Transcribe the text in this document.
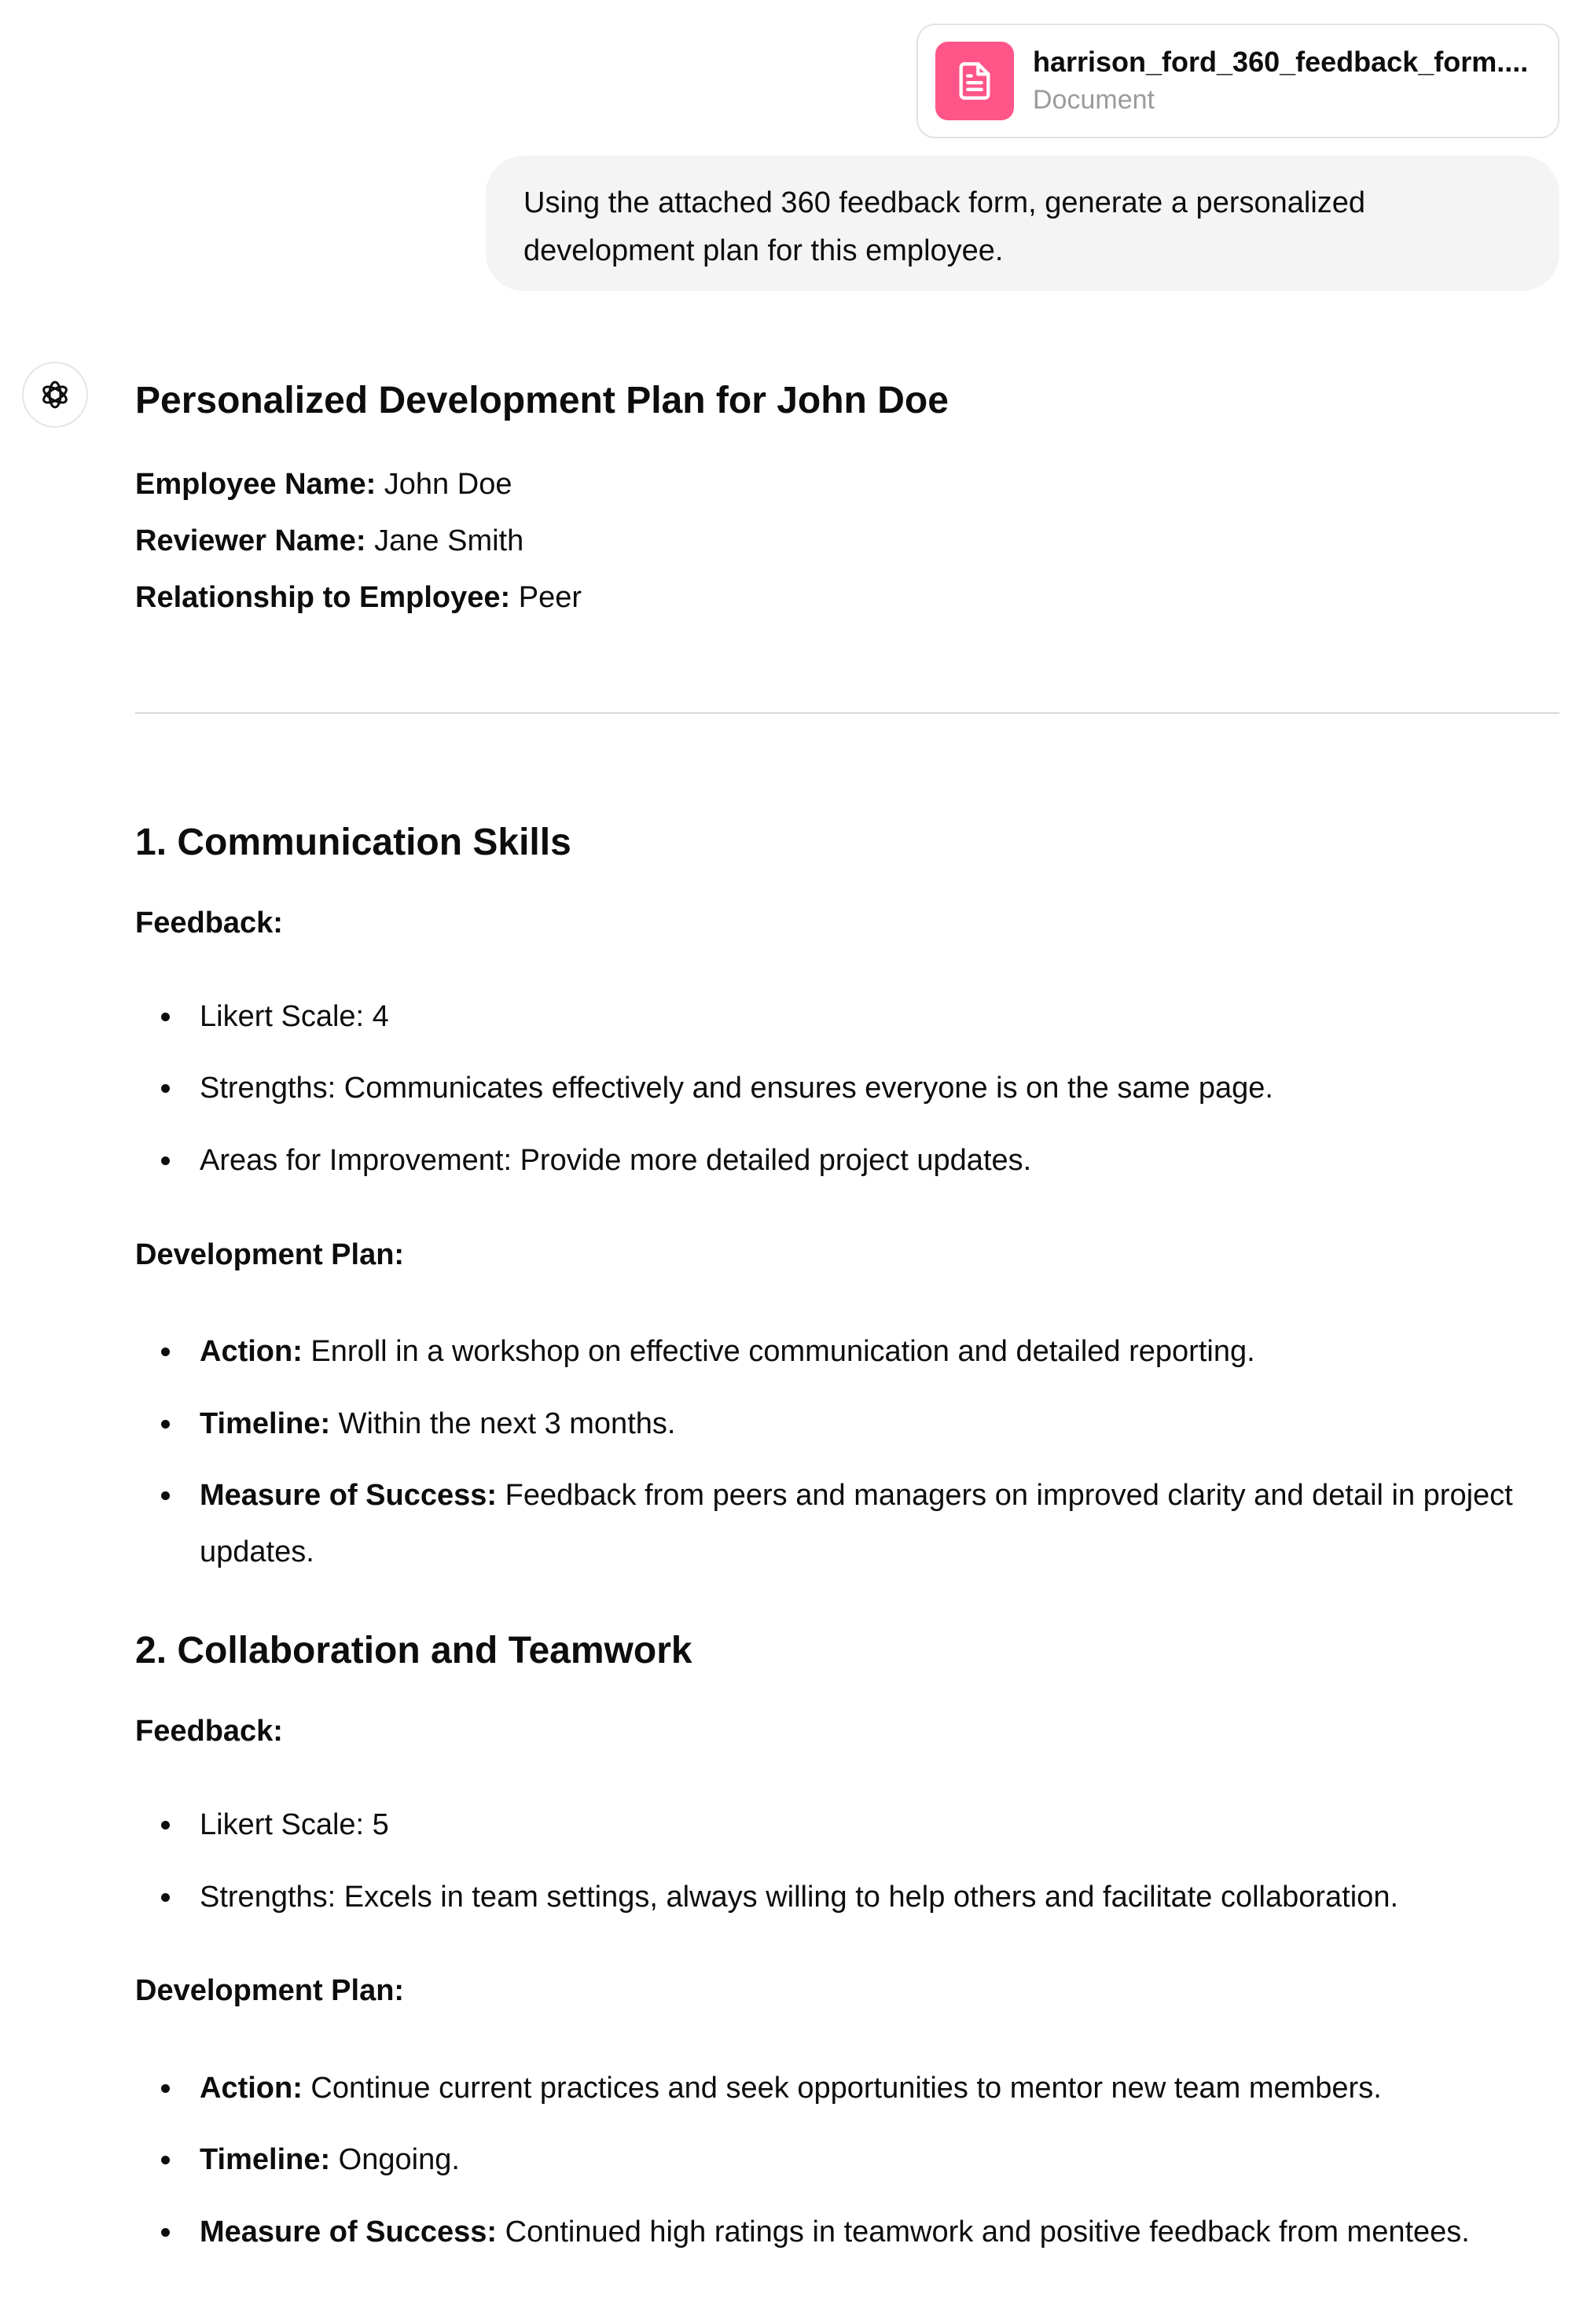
harrison_ford_360_feedback_form....
Document
Using the attached 360 feedback form, generate a personalized development plan for this employee.
Personalized Development Plan for John Doe
Employee Name: John Doe
Reviewer Name: Jane Smith
Relationship to Employee: Peer
1. Communication Skills
Feedback:
Likert Scale: 4
Strengths: Communicates effectively and ensures everyone is on the same page.
Areas for Improvement: Provide more detailed project updates.
Development Plan:
Action: Enroll in a workshop on effective communication and detailed reporting.
Timeline: Within the next 3 months.
Measure of Success: Feedback from peers and managers on improved clarity and detail in project updates.
2. Collaboration and Teamwork
Feedback:
Likert Scale: 5
Strengths: Excels in team settings, always willing to help others and facilitate collaboration.
Development Plan:
Action: Continue current practices and seek opportunities to mentor new team members.
Timeline: Ongoing.
Measure of Success: Continued high ratings in teamwork and positive feedback from mentees.
